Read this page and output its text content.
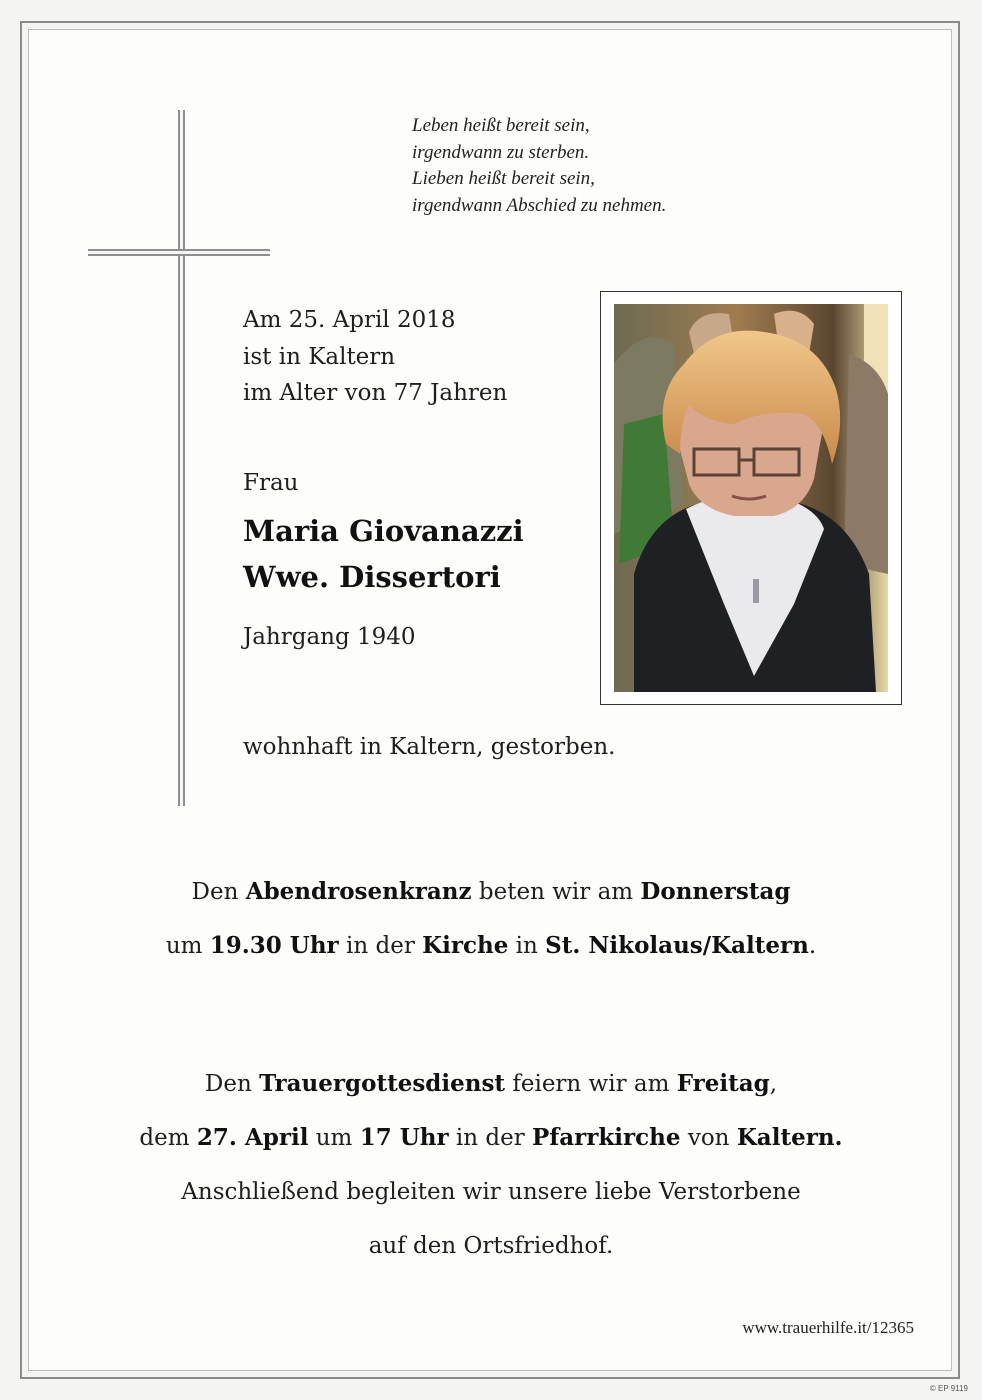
Leben heißt bereit sein,
irgendwann zu sterben.
Lieben heißt bereit sein,
irgendwann Abschied zu nehmen.
Am 25. April 2018
ist in Kaltern
im Alter von 77 Jahren
Frau
Maria Giovanazzi
Wwe. Dissertori
Jahrgang 1940
wohnhaft in Kaltern, gestorben.
Den Abendrosenkranz beten wir am Donnerstag
um 19.30 Uhr in der Kirche in St. Nikolaus/Kaltern.
Den Trauergottesdienst feiern wir am Freitag,
dem 27. April um 17 Uhr in der Pfarrkirche von Kaltern.
Anschließend begleiten wir unsere liebe Verstorbene
auf den Ortsfriedhof.
www.trauerhilfe.it/12365
© EP 9119
